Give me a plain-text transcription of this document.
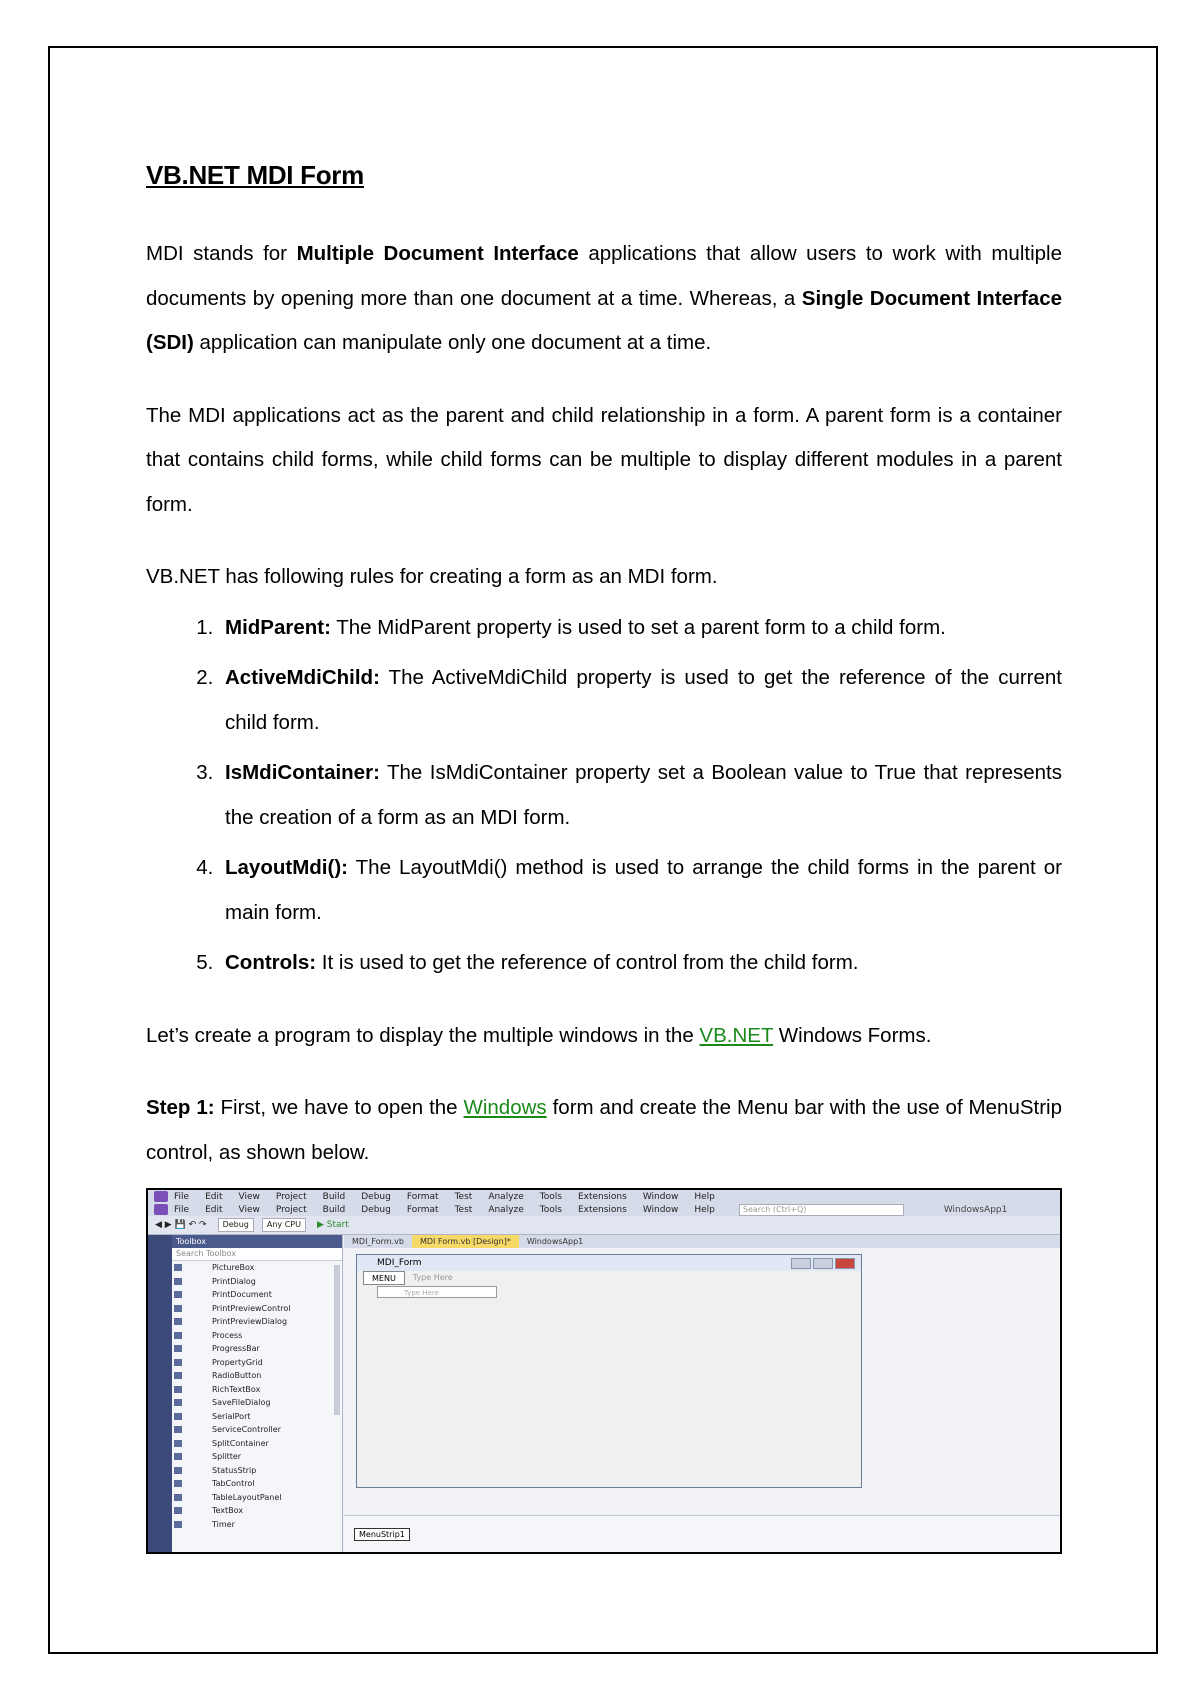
VB.NET MDI Form

MDI stands for Multiple Document Interface applications that allow users to work with multiple documents by opening more than one document at a time. Whereas, a Single Document Interface (SDI) application can manipulate only one document at a time.

The MDI applications act as the parent and child relationship in a form. A parent form is a container that contains child forms, while child forms can be multiple to display different modules in a parent form.

VB.NET has following rules for creating a form as an MDI form.

1. MidParent: The MidParent property is used to set a parent form to a child form.
2. ActiveMdiChild: The ActiveMdiChild property is used to get the reference of the current child form.
3. IsMdiContainer: The IsMdiContainer property set a Boolean value to True that represents the creation of a form as an MDI form.
4. LayoutMdi(): The LayoutMdi() method is used to arrange the child forms in the parent or main form.
5. Controls: It is used to get the reference of control from the child form.

Let’s create a program to display the multiple windows in the VB.NET Windows Forms.

Step 1: First, we have to open the Windows form and create the Menu bar with the use of MenuStrip control, as shown below.

File Edit View Project Build Debug Format Test Analyze Tools Extensions Window Help
File Edit View Project Build Debug Format Test Analyze Tools Extensions Window Help	Search (Ctrl+Q)	WindowsApp1
◀ ▶ 💾 ↶ ↷	Debug	Any CPU	▶ Start
Toolbox
Search Toolbox
PictureBox
PrintDialog
PrintDocument
PrintPreviewControl
PrintPreviewDialog
Process
ProgressBar
PropertyGrid
RadioButton
RichTextBox
SaveFileDialog
SerialPort
ServiceController
SplitContainer
Splitter
StatusStrip
TabControl
TableLayoutPanel
TextBox
Timer
MDI_Form.vb	MDI Form.vb [Design]*	WindowsApp1
MDI_Form
MENU	Type Here
Type Here
MenuStrip1
